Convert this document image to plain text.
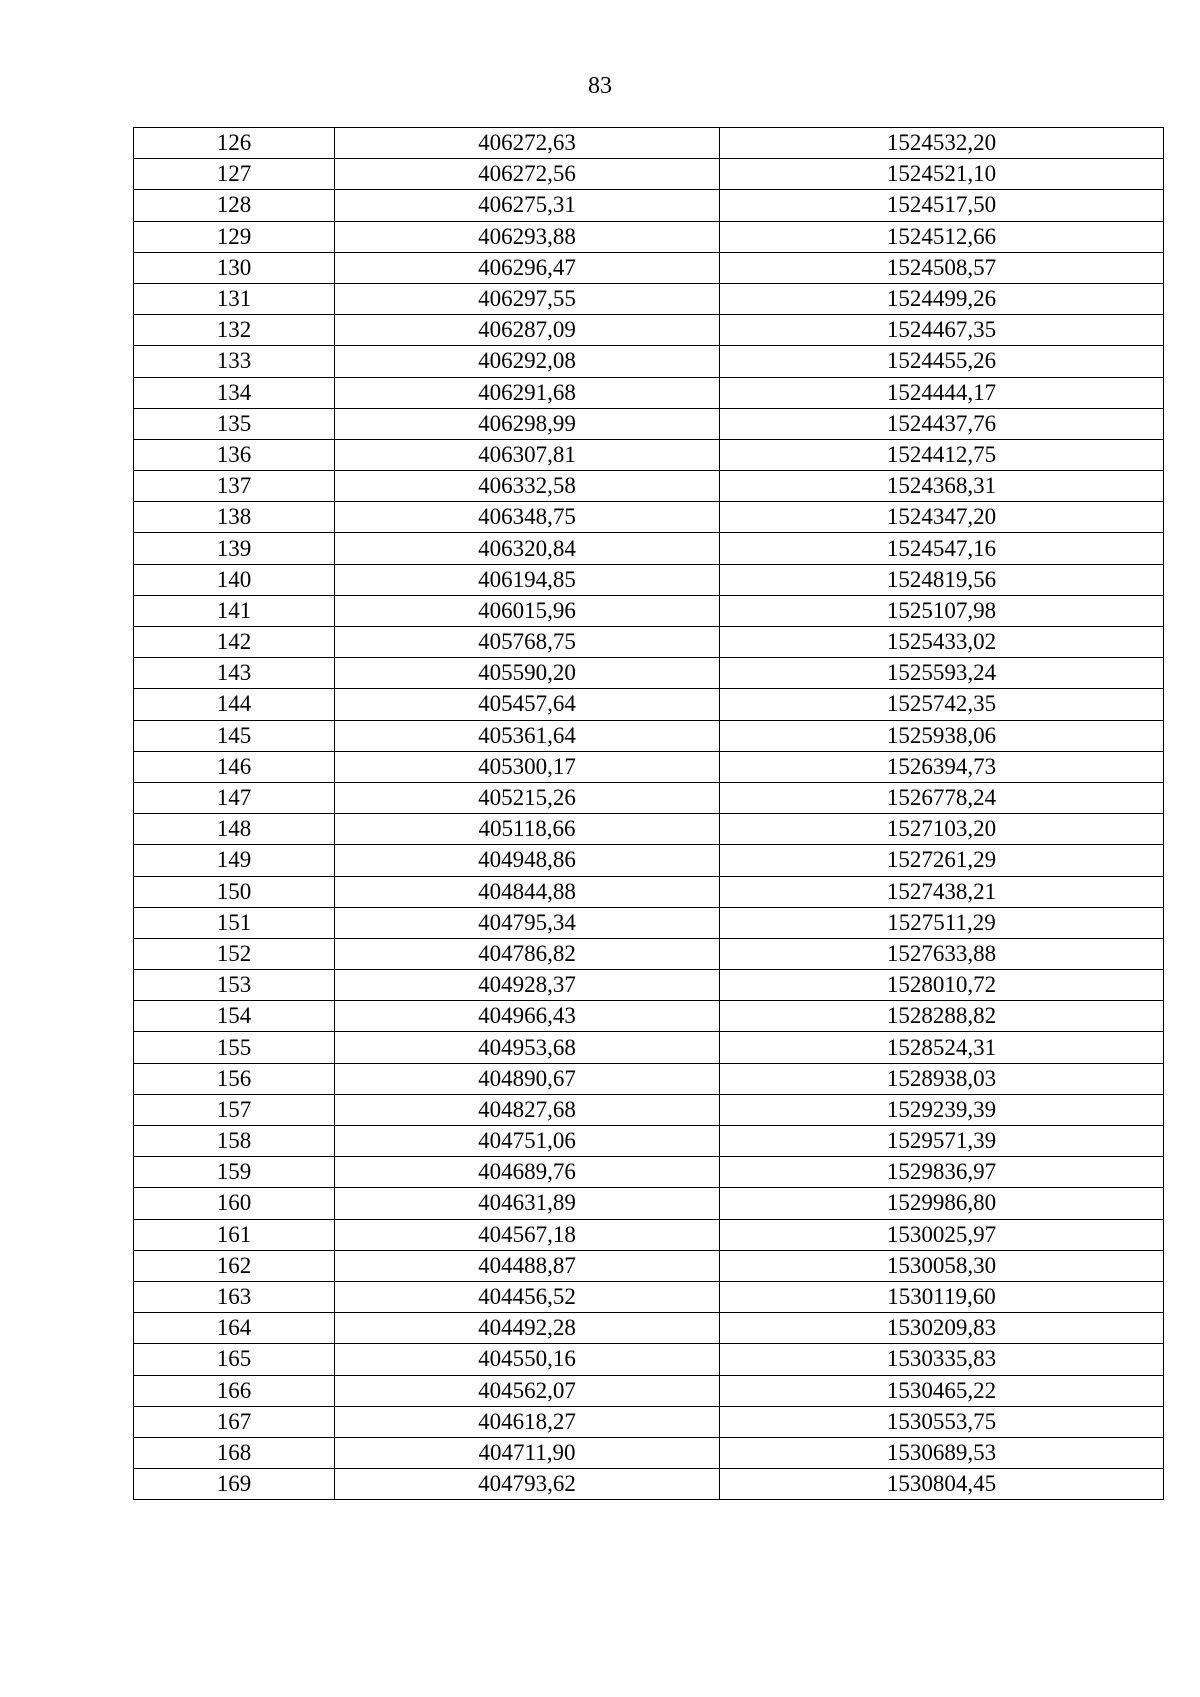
83
126	406272,63	1524532,20
127	406272,56	1524521,10
128	406275,31	1524517,50
129	406293,88	1524512,66
130	406296,47	1524508,57
131	406297,55	1524499,26
132	406287,09	1524467,35
133	406292,08	1524455,26
134	406291,68	1524444,17
135	406298,99	1524437,76
136	406307,81	1524412,75
137	406332,58	1524368,31
138	406348,75	1524347,20
139	406320,84	1524547,16
140	406194,85	1524819,56
141	406015,96	1525107,98
142	405768,75	1525433,02
143	405590,20	1525593,24
144	405457,64	1525742,35
145	405361,64	1525938,06
146	405300,17	1526394,73
147	405215,26	1526778,24
148	405118,66	1527103,20
149	404948,86	1527261,29
150	404844,88	1527438,21
151	404795,34	1527511,29
152	404786,82	1527633,88
153	404928,37	1528010,72
154	404966,43	1528288,82
155	404953,68	1528524,31
156	404890,67	1528938,03
157	404827,68	1529239,39
158	404751,06	1529571,39
159	404689,76	1529836,97
160	404631,89	1529986,80
161	404567,18	1530025,97
162	404488,87	1530058,30
163	404456,52	1530119,60
164	404492,28	1530209,83
165	404550,16	1530335,83
166	404562,07	1530465,22
167	404618,27	1530553,75
168	404711,90	1530689,53
169	404793,62	1530804,45
